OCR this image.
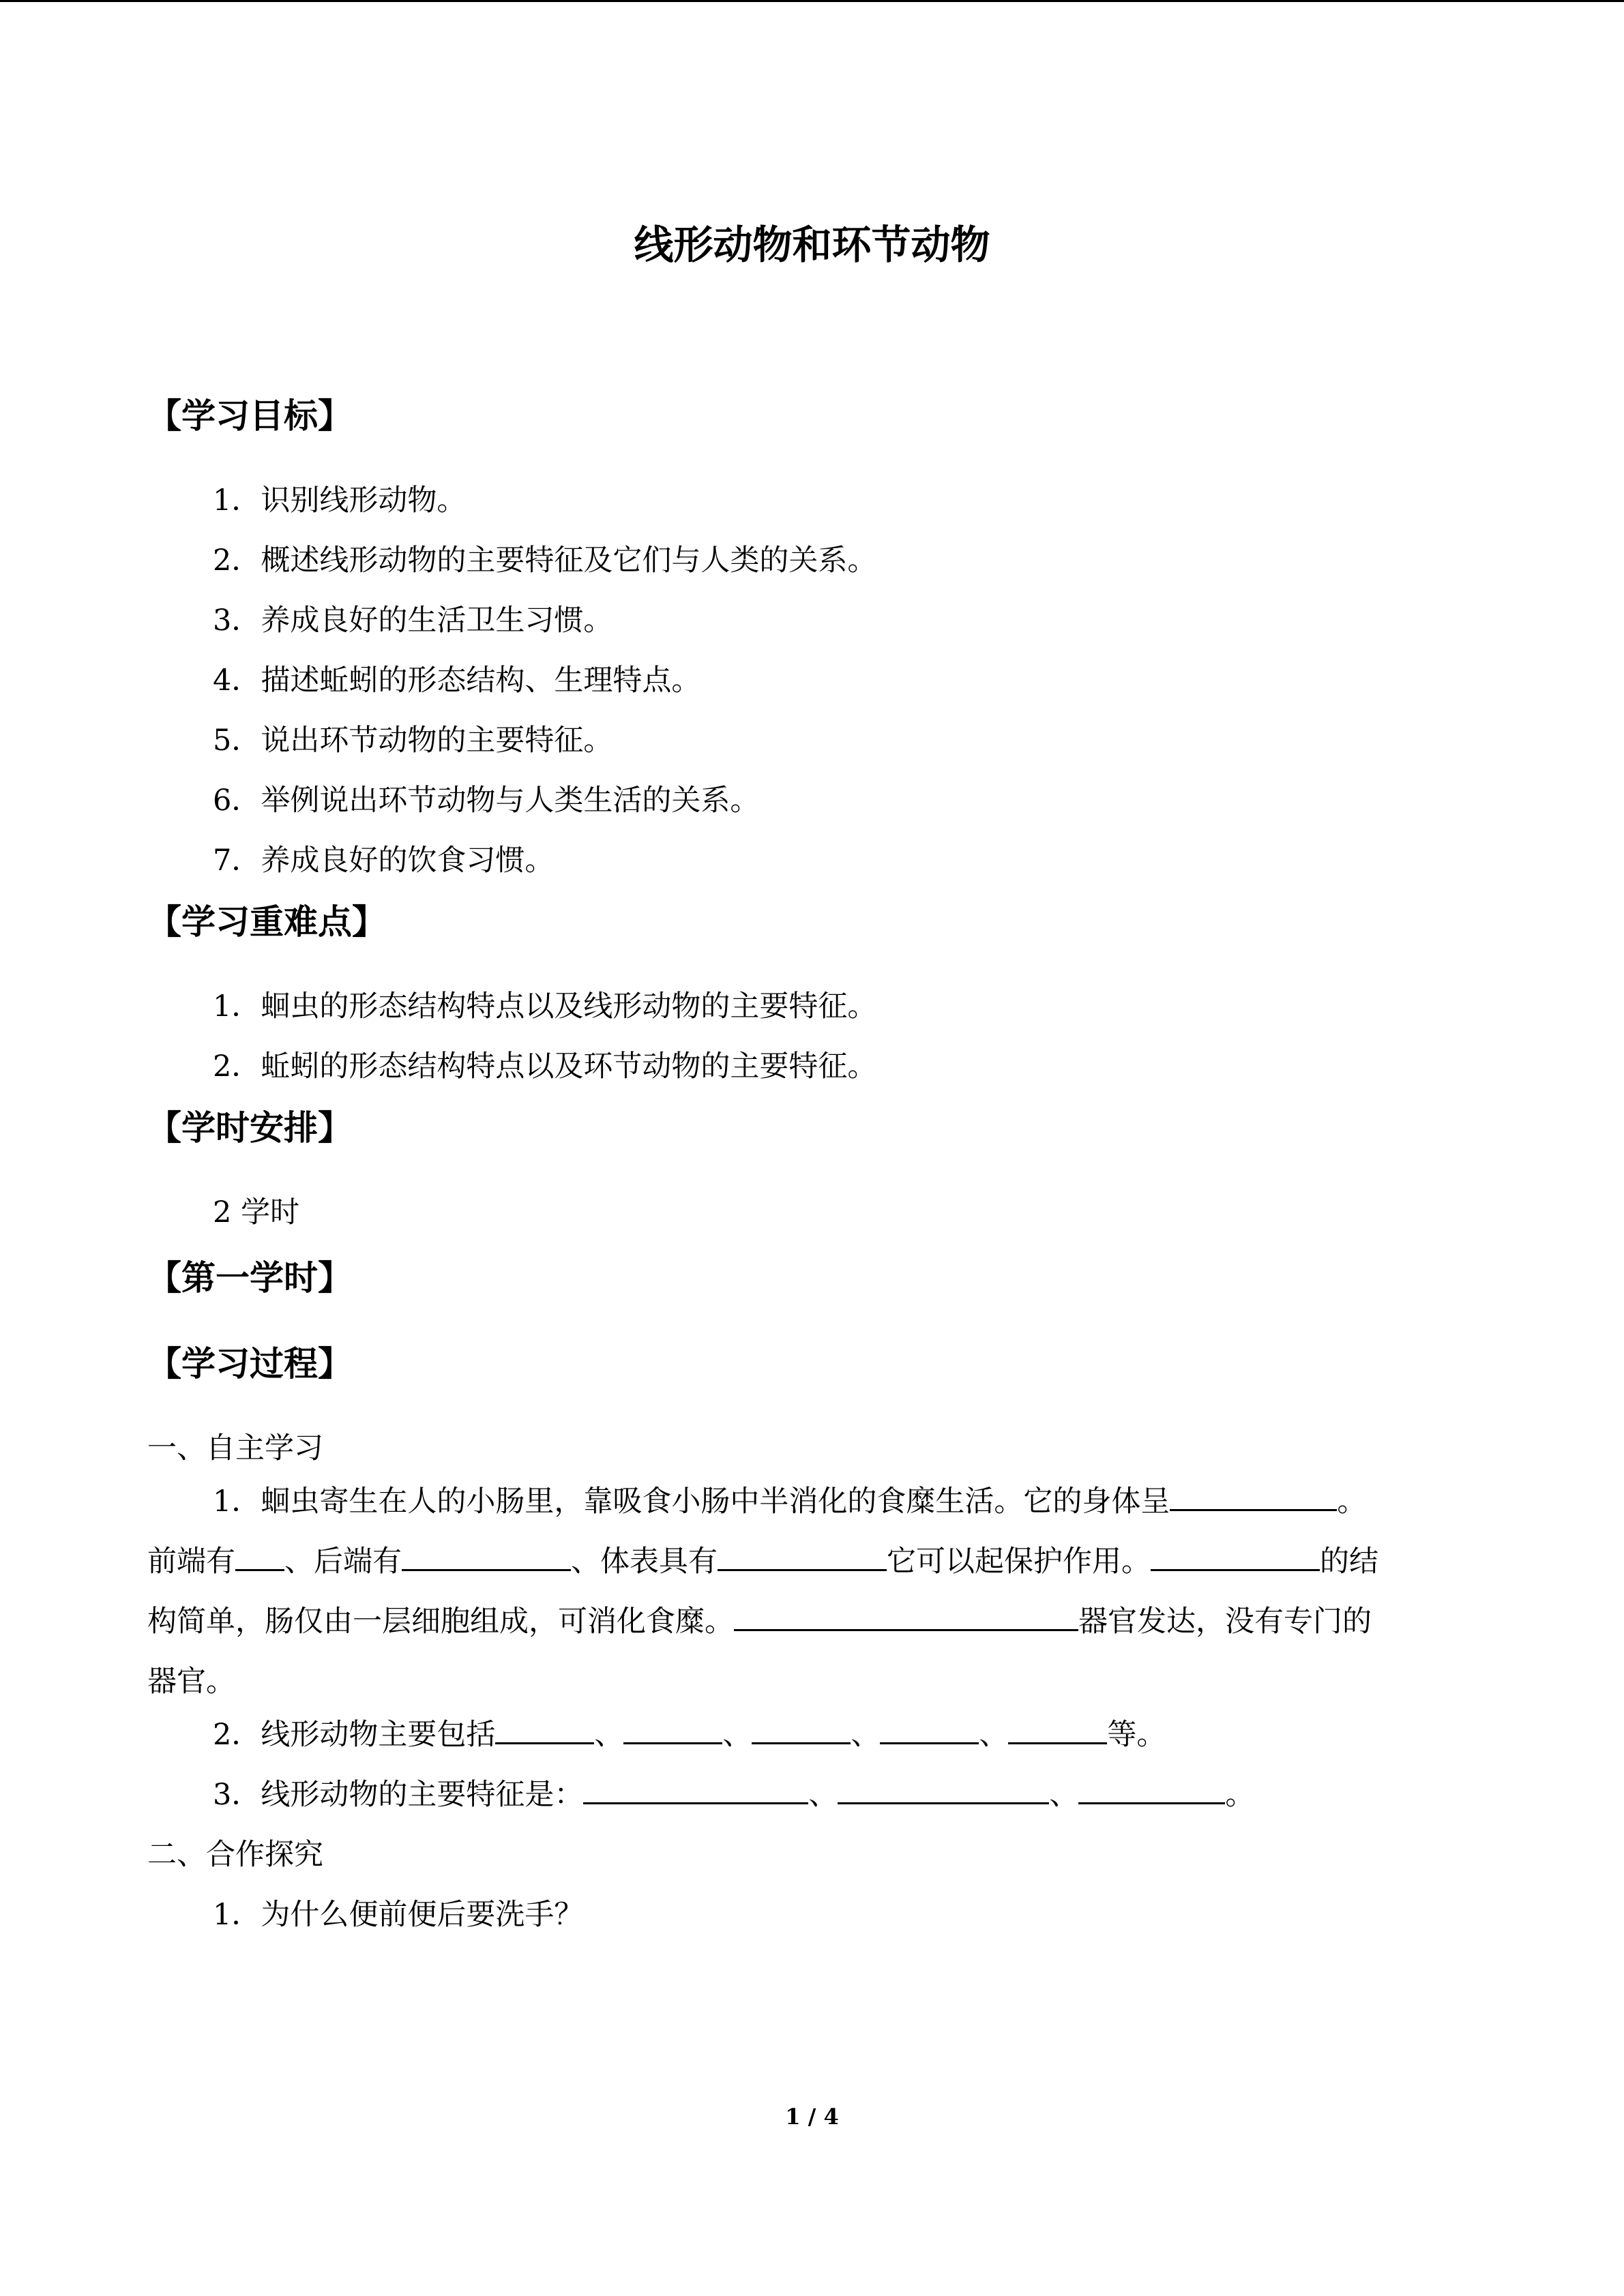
线形动物和环节动物
【学习目标】
1．识别线形动物。
2．概述线形动物的主要特征及它们与人类的关系。
3．养成良好的生活卫生习惯。
4．描述蚯蚓的形态结构、生理特点。
5．说出环节动物的主要特征。
6．举例说出环节动物与人类生活的关系。
7．养成良好的饮食习惯。
【学习重难点】
1．蛔虫的形态结构特点以及线形动物的主要特征。
2．蚯蚓的形态结构特点以及环节动物的主要特征。
【学时安排】
2 学时
【第一学时】
【学习过程】
一、自主学习

1．蛔虫寄生在人的小肠里，靠吸食小肠中半消化的食糜生活。它的身体呈	。

前端有 、后端有	、体表具有	它可以起保护作用。	的结

构简单，肠仅由一层细胞组成，可消化食糜。	器官发达，没有专门的

器官。

2．线形动物主要包括	、	、	、	、	等。
3．线形动物的主要特征是：	、	、	。
二、合作探究
1．为什么便前便后要洗手？
1 / 4
